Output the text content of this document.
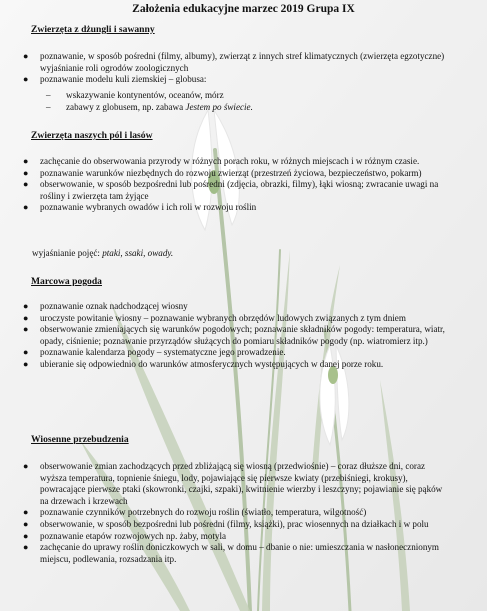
Założenia edukacyjne marzec 2019 Grupa IX
Zwierzęta z dżungli i sawanny
● poznawanie, w sposób pośredni (filmy, albumy), zwierząt z innych stref klimatycznych (zwierzęta egzotyczne) wyjaśnianie roli ogrodów zoologicznych
● poznawanie modelu kuli ziemskiej – globusa:
– wskazywanie kontynentów, oceanów, mórz
– zabawy z globusem, np. zabawa Jestem po świecie.
Zwierzęta naszych pól i lasów
● zachęcanie do obserwowania przyrody w różnych porach roku, w różnych miejscach i w różnym czasie.
● poznawanie warunków niezbędnych do rozwoju zwierząt (przestrzeń życiowa, bezpieczeństwo, pokarm)
● obserwowanie, w sposób bezpośredni lub pośredni (zdjęcia, obrazki, filmy), łąki wiosną; zwracanie uwagi na rośliny i zwierzęta tam żyjące
● poznawanie wybranych owadów i ich roli w rozwoju roślin
wyjaśnianie pojęć: ptaki, ssaki, owady.
Marcowa pogoda
● poznawanie oznak nadchodzącej wiosny
● uroczyste powitanie wiosny – poznawanie wybranych obrzędów ludowych związanych z tym dniem
● obserwowanie zmieniających się warunków pogodowych; poznawanie składników pogody: temperatura, wiatr, opady, ciśnienie; poznawanie przyrządów służących do pomiaru składników pogody (np. wiatromierz itp.)
● poznawanie kalendarza pogody – systematyczne jego prowadzenie.
● ubieranie się odpowiednio do warunków atmosferycznych występujących w danej porze roku.
Wiosenne przebudzenia
● obserwowanie zmian zachodzących przed zbliżającą się wiosną (przedwiośnie) – coraz dłuższe dni, coraz wyższa temperatura, topnienie śniegu, lody, pojawiające się pierwsze kwiaty (przebiśniegi, krokusy), powracające pierwsze ptaki (skowronki, czajki, szpaki), kwitnienie wierzby i leszczyny; pojawianie się pąków na drzewach i krzewach
● poznawanie czynników potrzebnych do rozwoju roślin (światło, temperatura, wilgotność)
● obserwowanie, w sposób bezpośredni lub pośredni (filmy, książki), prac wiosennych na działkach i w polu
● poznawanie etapów rozwojowych np. żaby, motyla
● zachęcanie do uprawy roślin doniczkowych w sali, w domu – dbanie o nie: umieszczania w nasłonecznionym miejscu, podlewania, rozsadzania itp.
